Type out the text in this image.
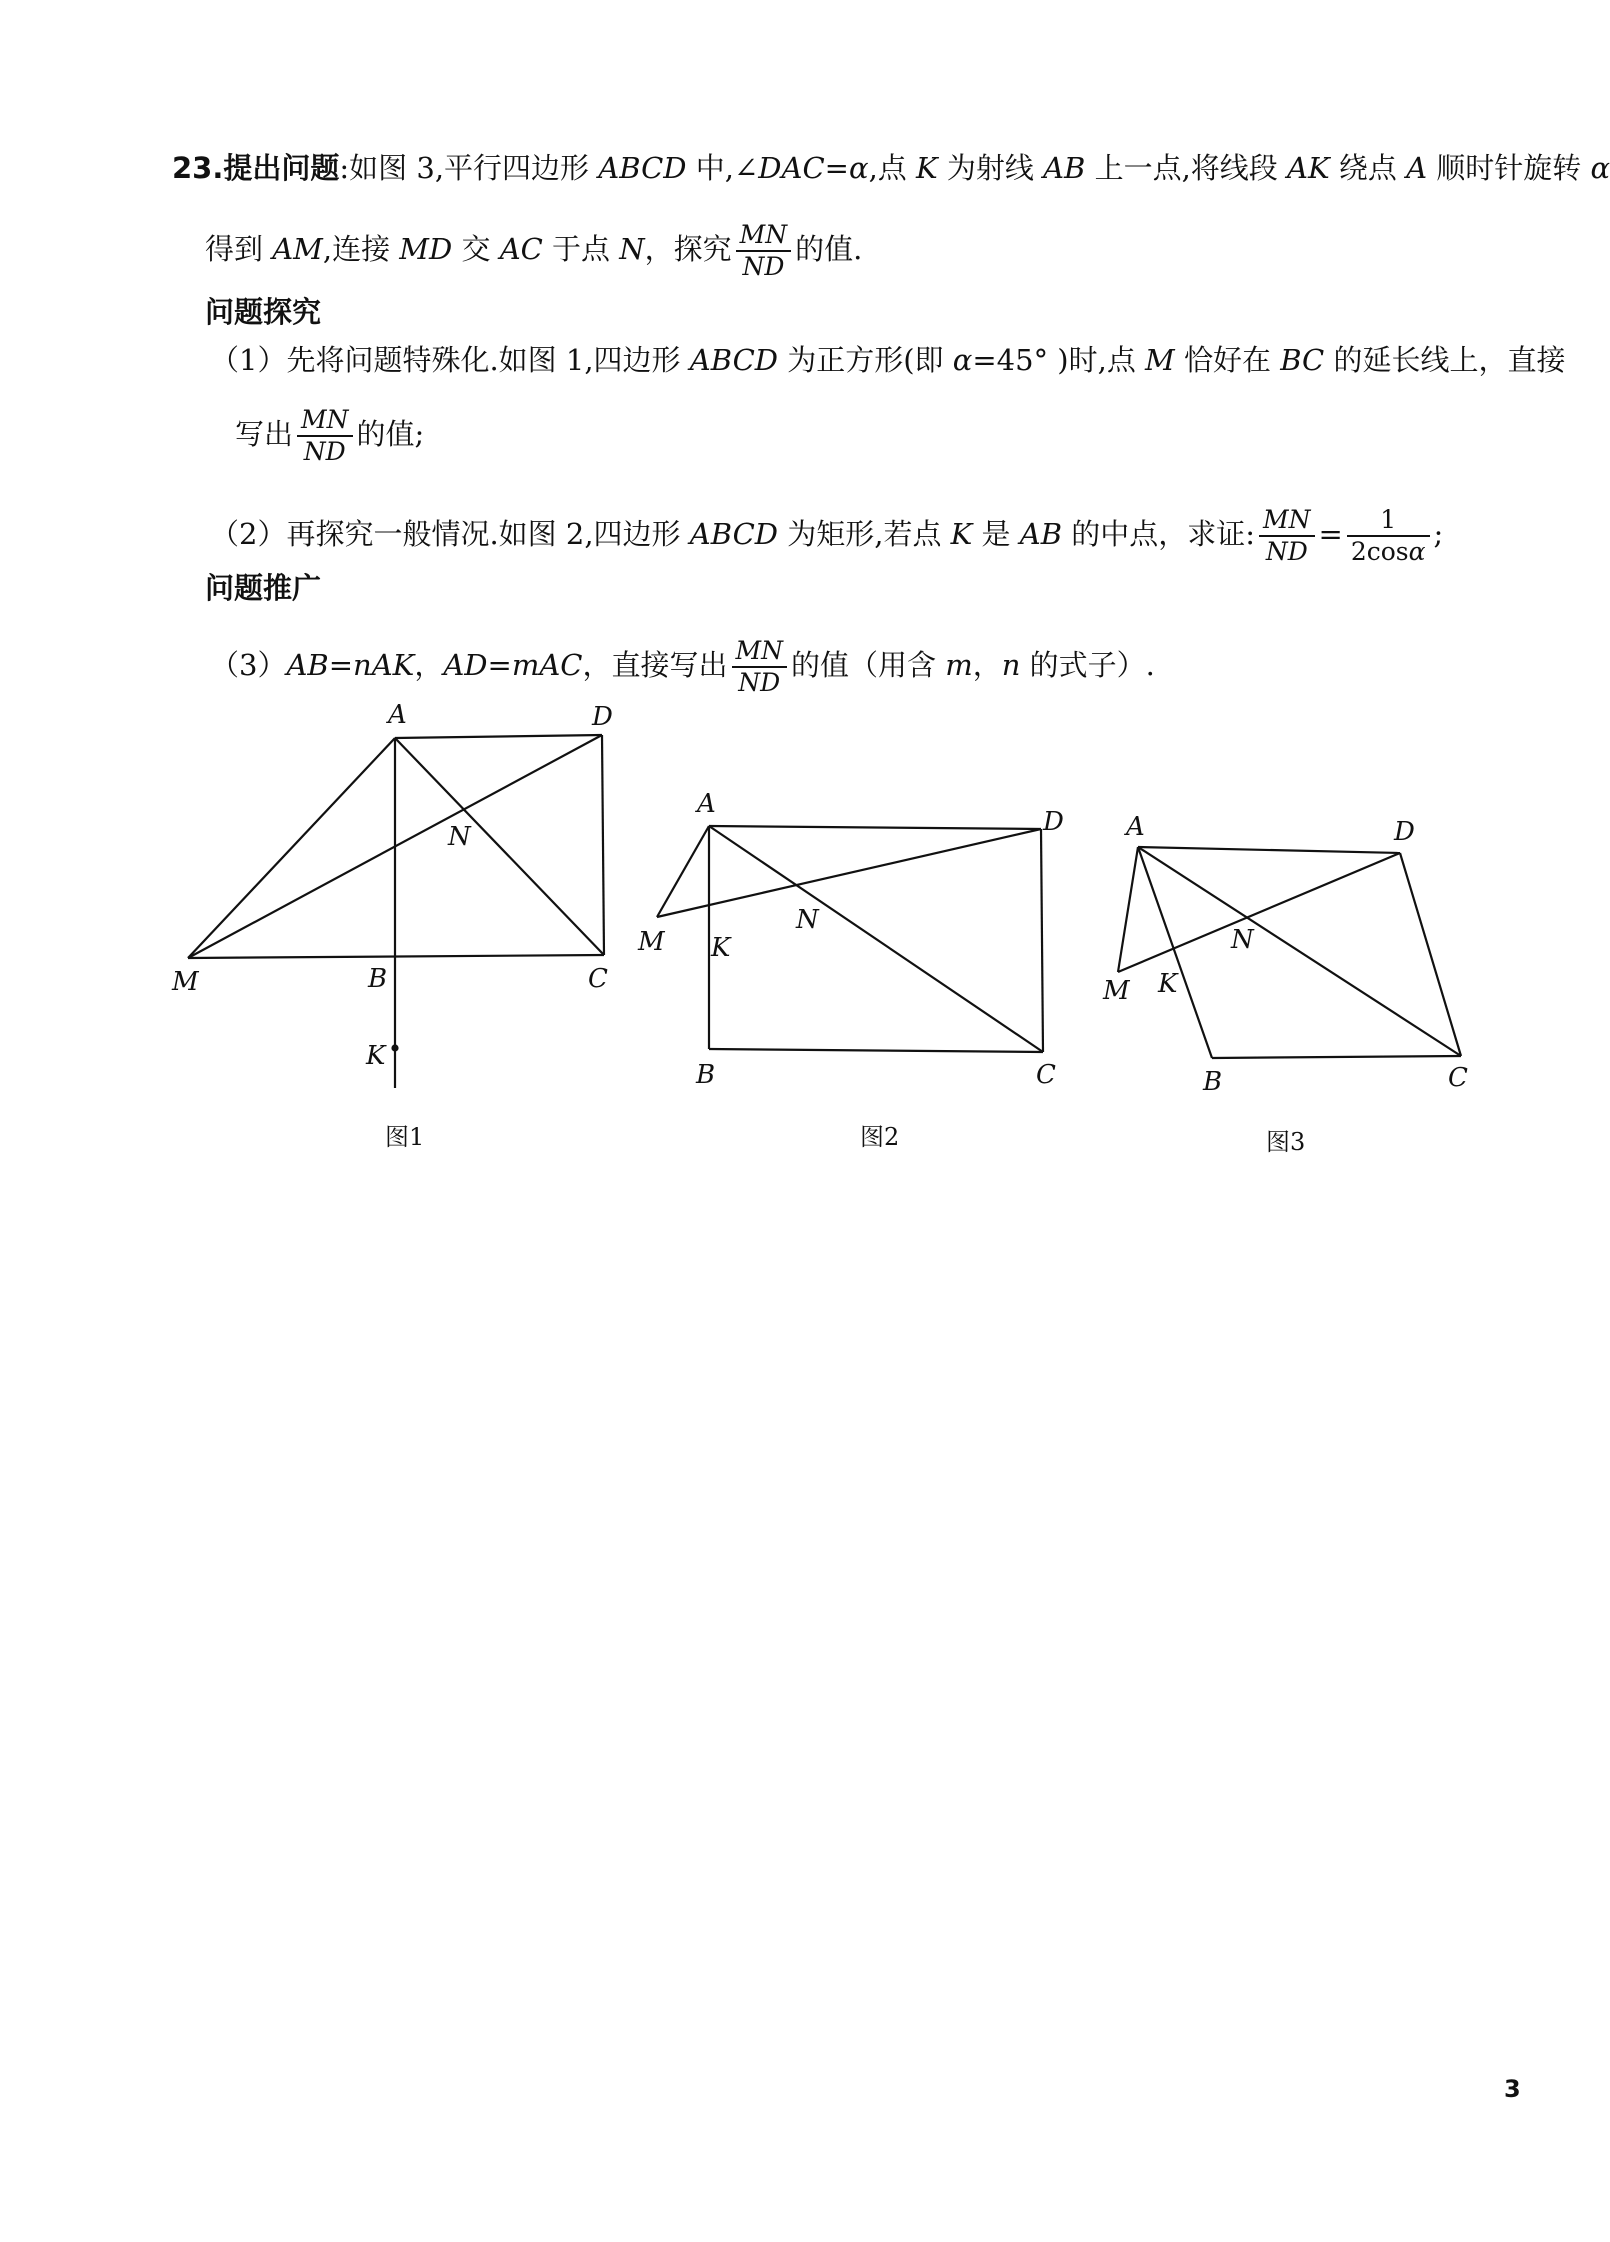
23.提出问题:如图 3,平行四边形 ABCD 中,∠DAC=α,点 K 为射线 AB 上一点,将线段 AK 绕点 A 顺时针旋转 α
得到 AM,连接 MD 交 AC 于点 N，探究 $\frac{MN}{ND}$ 的值.
问题探究
（1）先将问题特殊化.如图 1,四边形 ABCD 为正方形(即 α=45° )时,点 M 恰好在 BC 的延长线上，直接
写出 $\frac{MN}{ND}$ 的值;
（2）再探究一般情况.如图 2,四边形 ABCD 为矩形,若点 K 是 AB 的中点，求证: $\frac{MN}{ND} = \frac{1}{2\cos\alpha}$ ;
问题推广
（3）AB=nAK，AD=mAC，直接写出 $\frac{MN}{ND}$ 的值（用含 m，n 的式子）.
A	D
N
M	B	C
K
A
D
N
M K
B	C
A	D
N
M K
B	C
图1	图2	图3
3
